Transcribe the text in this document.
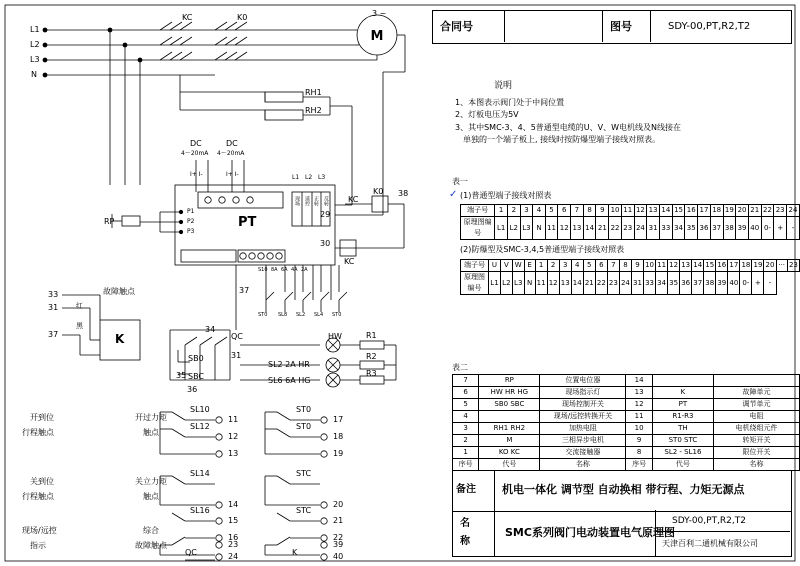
M
L1
L2
L3
N
KC	K0	3 ~
RH1
RH2
DC	DC
4～20mA 4～20mA
I+ I-	I+ I-
RP	PT
P1
P2
P3
L1 L2 L3
现场 遥控 正转 反转 KC
K0 38
29
30
KC
故障触点
红
黑
33
31
37	K
37
34
35
36
31
QC
SB0
SBC
HW	R1
R2
R3
SL2 2A HR
SL6 6A HG
S10 8A 6A 4A 2A
ST0 SL8 SL2 SL4 ST0
开到位
行程触点
SL10
SL12
11
12
13
关到位
行程触点
SL14
SL16
14
15
16
开过力矩
触点
ST0
ST0
17
18
19
关立力矩
触点
STC
STC
20
21
22
现场/远控
指示
QC
综合
故障触点
K
23
24
39
40
合同号	图号	SDY-00,PT,R2,T2
说明
1、本图表示阀门处于中间位置
2、灯板电压为5V
3、其中SMC-3、4、5普通型电缆的U、V、W电机线及N线接在
单独的一个端子板上, 接线时按防爆型端子接线对照表。
表一
(1)普通型端子接线对照表
✓
端子号	1	2	3	4	5	6	7	8	9	10	11	12	13	14	15	16	17	18	19	20	21	22	23	24
原理图编号	L1	L2	L3	N	11	12	13	14	21	22	23	24	31	33	34	35	36	37	38	39	40	0-	+	-
(2)防爆型及SMC-3,4,5普通型端子接线对照表
端子号	U	V	W	E	1	2	3	4	5	6	7	8	9	10	11	12	13	14	15	16	17	18	19	20	···	23
原理图编号	L1	L2	L3	N	11	12	13	14	21	22	23	24	31	33	34	35	36	37	38	39	40	0-	+	-		
表二
7	RP	位置电位器	14		
6	HW HR HG	现场指示灯	13	K	故障单元
5	SB0 SBC	现场控制开关	12	PT	调节单元
4		现场/远控转换开关	11	R1-R3	电阻
3	RH1 RH2	加热电阻	10	TH	电机绕组元件
2	M	三相异步电机	9	ST0 STC	转矩开关
1	KO KC	交流接触器	8	SL2 - SL16	限位开关
序号	代号	名称	序号	代号	名称
备注 机电一体化 调节型 自动换相 带行程、力矩无源点
名
称
SMC系列阀门电动装置电气原理图
SDY-00,PT,R2,T2
天津百利二通机械有限公司
